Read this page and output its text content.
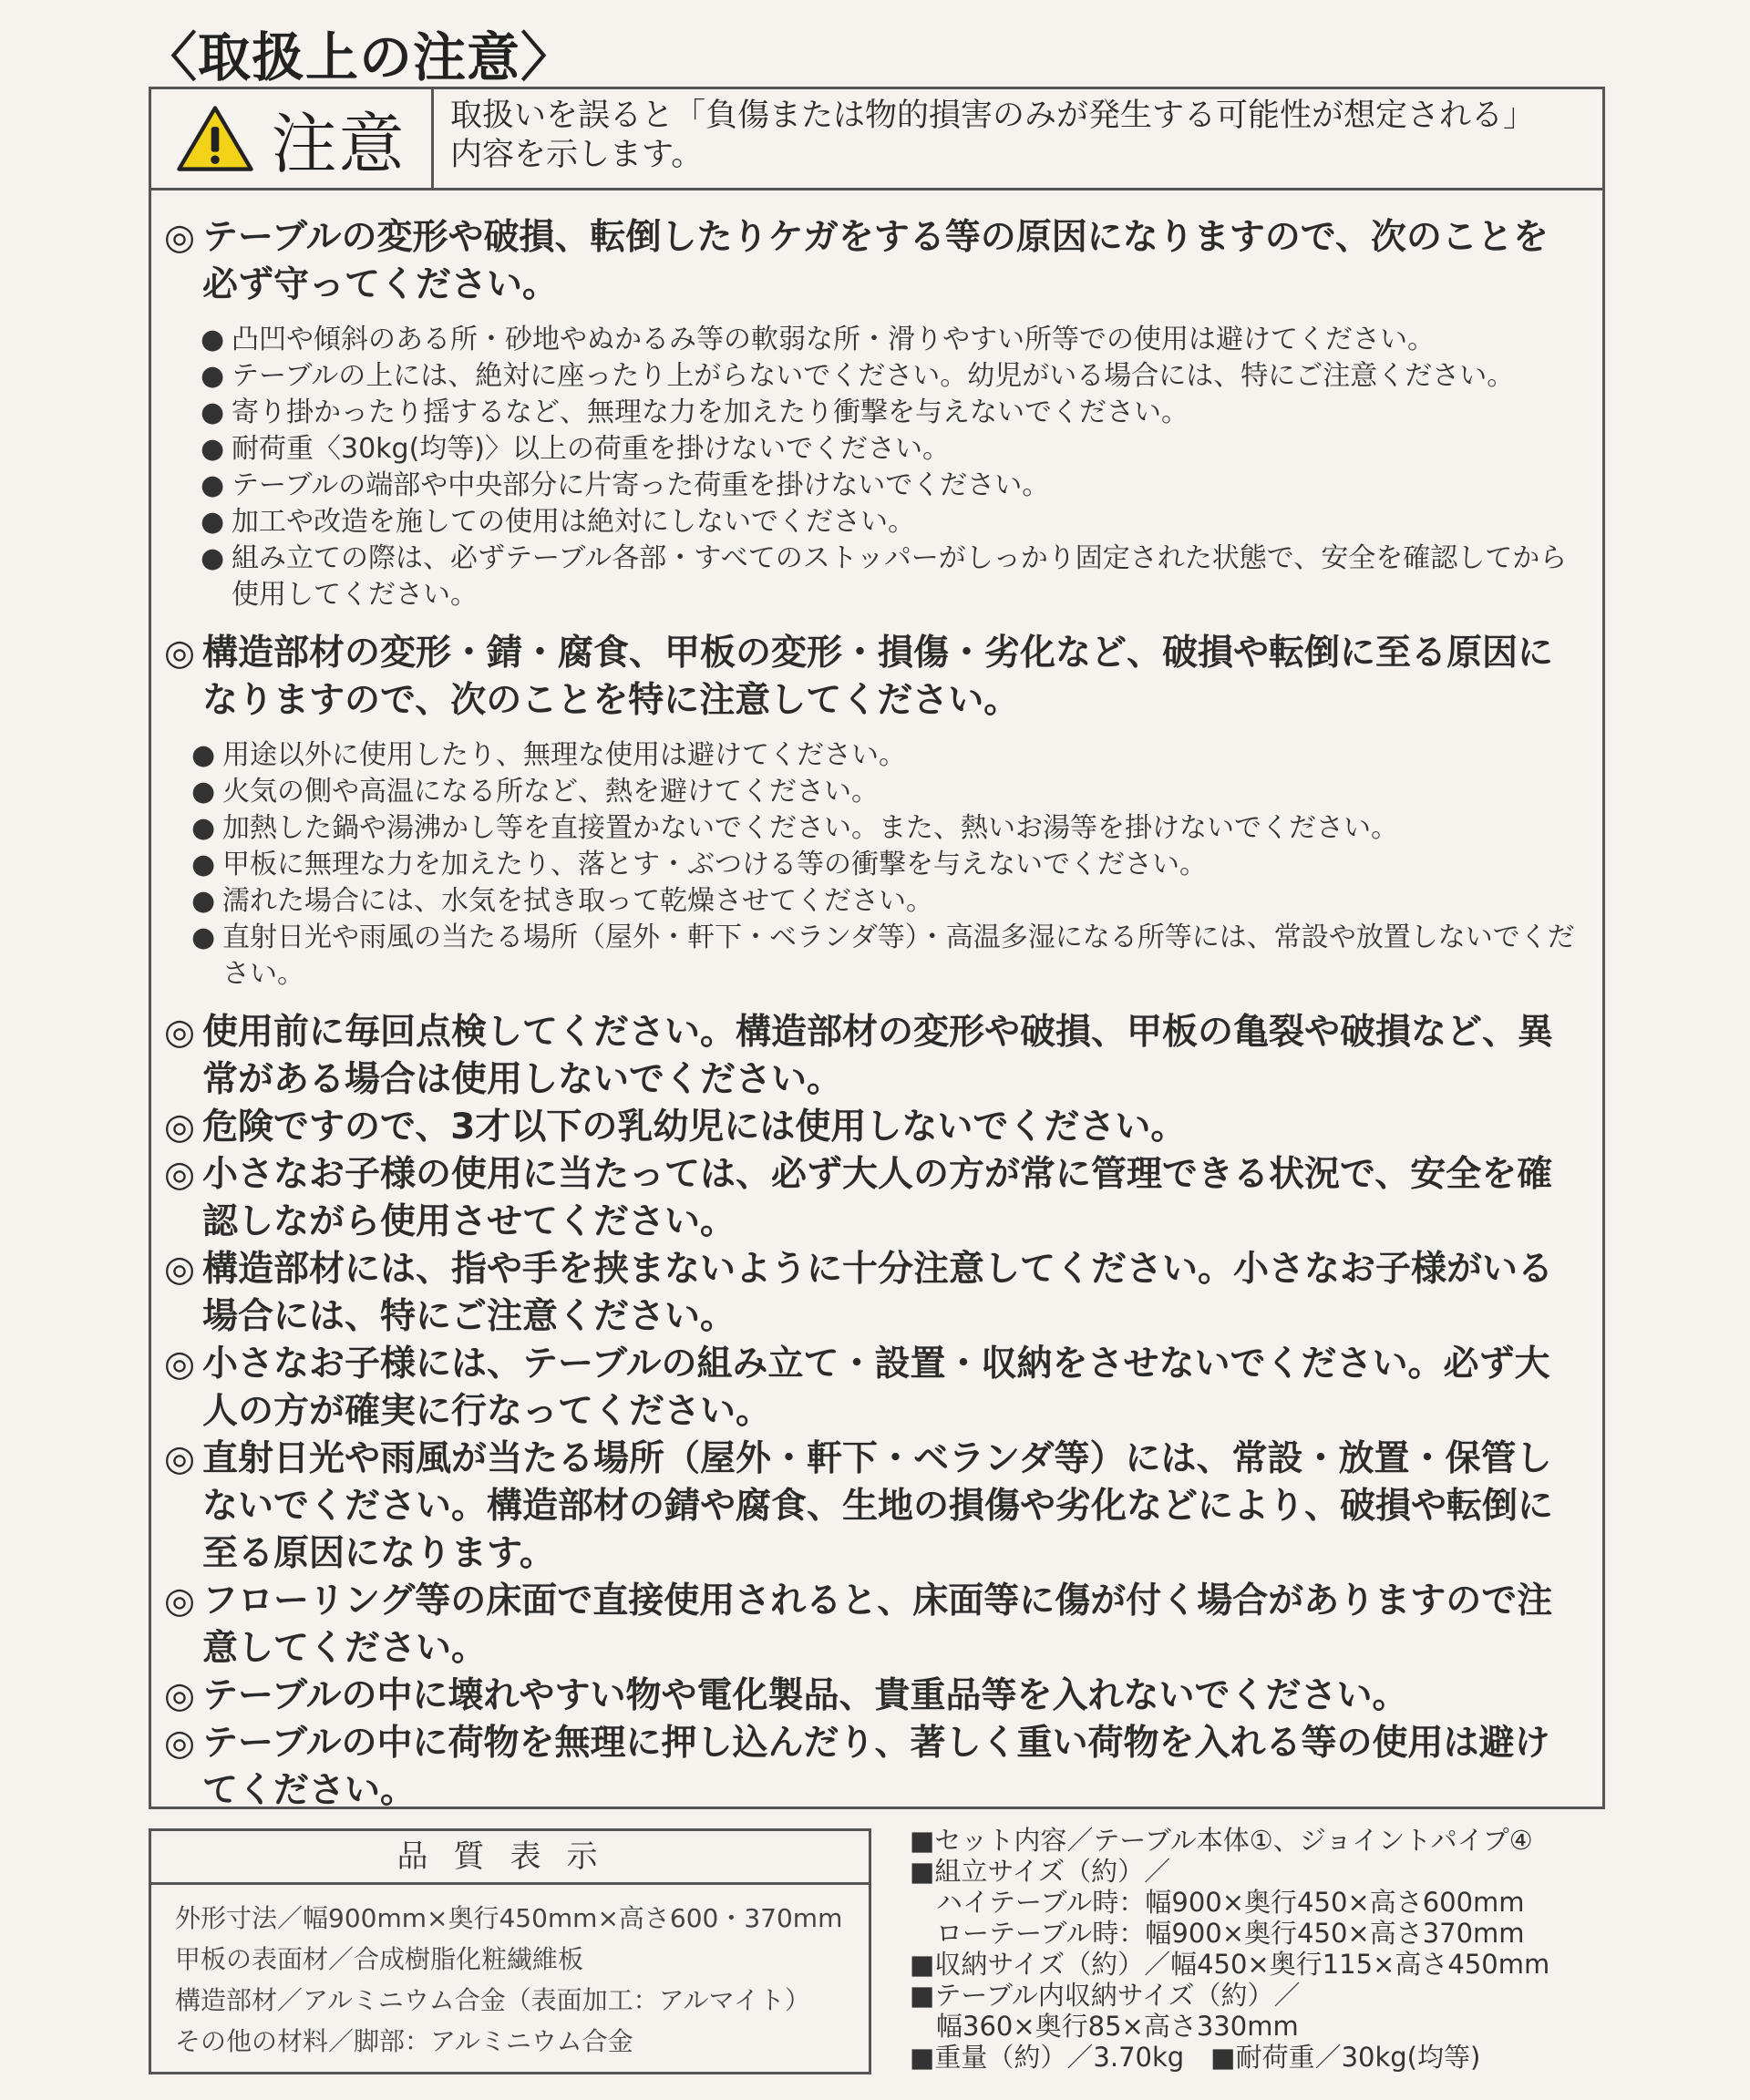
〈取扱上の注意〉
注意 取扱いを誤ると「負傷または物的損害のみが発生する可能性が想定される」
内容を示します。
◎ テーブルの変形や破損、転倒したりケガをする等の原因になりますので、次のことを必ず守ってください。
● 凸凹や傾斜のある所・砂地やぬかるみ等の軟弱な所・滑りやすい所等での使用は避けてください。
● テーブルの上には、絶対に座ったり上がらないでください。幼児がいる場合には、特にご注意ください。
● 寄り掛かったり揺するなど、無理な力を加えたり衝撃を与えないでください。
● 耐荷重〈30kg(均等)〉以上の荷重を掛けないでください。
● テーブルの端部や中央部分に片寄った荷重を掛けないでください。
● 加工や改造を施しての使用は絶対にしないでください。
● 組み立ての際は、必ずテーブル各部・すべてのストッパーがしっかり固定された状態で、安全を確認してから使用してください。
◎ 構造部材の変形・錆・腐食、甲板の変形・損傷・劣化など、破損や転倒に至る原因になりますので、次のことを特に注意してください。
● 用途以外に使用したり、無理な使用は避けてください。
● 火気の側や高温になる所など、熱を避けてください。
● 加熱した鍋や湯沸かし等を直接置かないでください。また、熱いお湯等を掛けないでください。
● 甲板に無理な力を加えたり、落とす・ぶつける等の衝撃を与えないでください。
● 濡れた場合には、水気を拭き取って乾燥させてください。
● 直射日光や雨風の当たる場所（屋外・軒下・ベランダ等）・高温多湿になる所等には、常設や放置しないでください。
◎ 使用前に毎回点検してください。構造部材の変形や破損、甲板の亀裂や破損など、異常がある場合は使用しないでください。
◎ 危険ですので、3才以下の乳幼児には使用しないでください。
◎ 小さなお子様の使用に当たっては、必ず大人の方が常に管理できる状況で、安全を確認しながら使用させてください。
◎ 構造部材には、指や手を挟まないように十分注意してください。小さなお子様がいる場合には、特にご注意ください。
◎ 小さなお子様には、テーブルの組み立て・設置・収納をさせないでください。必ず大人の方が確実に行なってください。
◎ 直射日光や雨風が当たる場所（屋外・軒下・ベランダ等）には、常設・放置・保管しないでください。構造部材の錆や腐食、生地の損傷や劣化などにより、破損や転倒に至る原因になります。
◎ フローリング等の床面で直接使用されると、床面等に傷が付く場合がありますので注意してください。
◎ テーブルの中に壊れやすい物や電化製品、貴重品等を入れないでください。
◎ テーブルの中に荷物を無理に押し込んだり、著しく重い荷物を入れる等の使用は避けてください。
品質表示
外形寸法／幅900mm×奥行450mm×高さ600・370mm
甲板の表面材／合成樹脂化粧繊維板
構造部材／アルミニウム合金（表面加工：アルマイト）
その他の材料／脚部：アルミニウム合金
■セット内容／テーブル本体①、ジョイントパイプ④
■組立サイズ（約）／
　ハイテーブル時：幅900×奥行450×高さ600mm
　ローテーブル時：幅900×奥行450×高さ370mm
■収納サイズ（約）／幅450×奥行115×高さ450mm
■テーブル内収納サイズ（約）／
　幅360×奥行85×高さ330mm
■重量（約）／3.70kg　■耐荷重／30kg(均等)
